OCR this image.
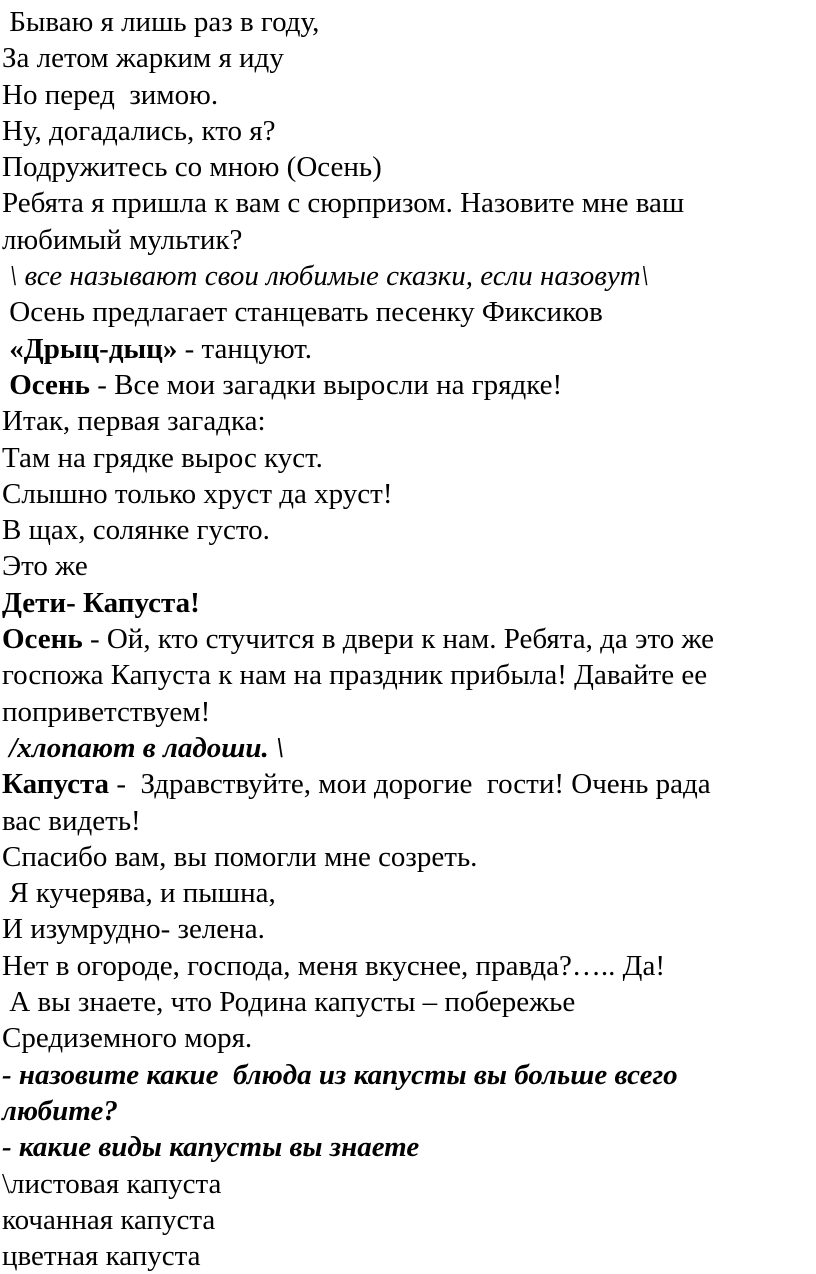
Бываю я лишь раз в году,
За летом жарким я иду
Но перед  зимою.
Ну, догадались, кто я?
Подружитесь со мною (Осень)
Ребята я пришла к вам с сюрпризом. Назовите мне ваш
любимый мультик?
\ все называют свои любимые сказки, если назовут\
Осень предлагает станцевать песенку Фиксиков
«Дрыц-дыц» - танцуют.
Осень - Все мои загадки выросли на грядке!
Итак, первая загадка:
Там на грядке вырос куст.
Слышно только хруст да хруст!
В щах, солянке густо.
Это же
Дети- Капуста!
Осень - Ой, кто стучится в двери к нам. Ребята, да это же
госпожа Капуста к нам на праздник прибыла! Давайте ее
поприветствуем!
/хлопают в ладоши. \
Капуста -  Здравствуйте, мои дорогие  гости! Очень рада
вас видеть!
Спасибо вам, вы помогли мне созреть.
Я кучерява, и пышна,
И изумрудно- зелена.
Нет в огороде, господа, меня вкуснее, правда?….. Да!
А вы знаете, что Родина капусты – побережье
Средиземного моря.
- назовите какие  блюда из капусты вы больше всего
любите?
- какие виды капусты вы знаете
\листовая капуста
кочанная капуста
цветная капуста
